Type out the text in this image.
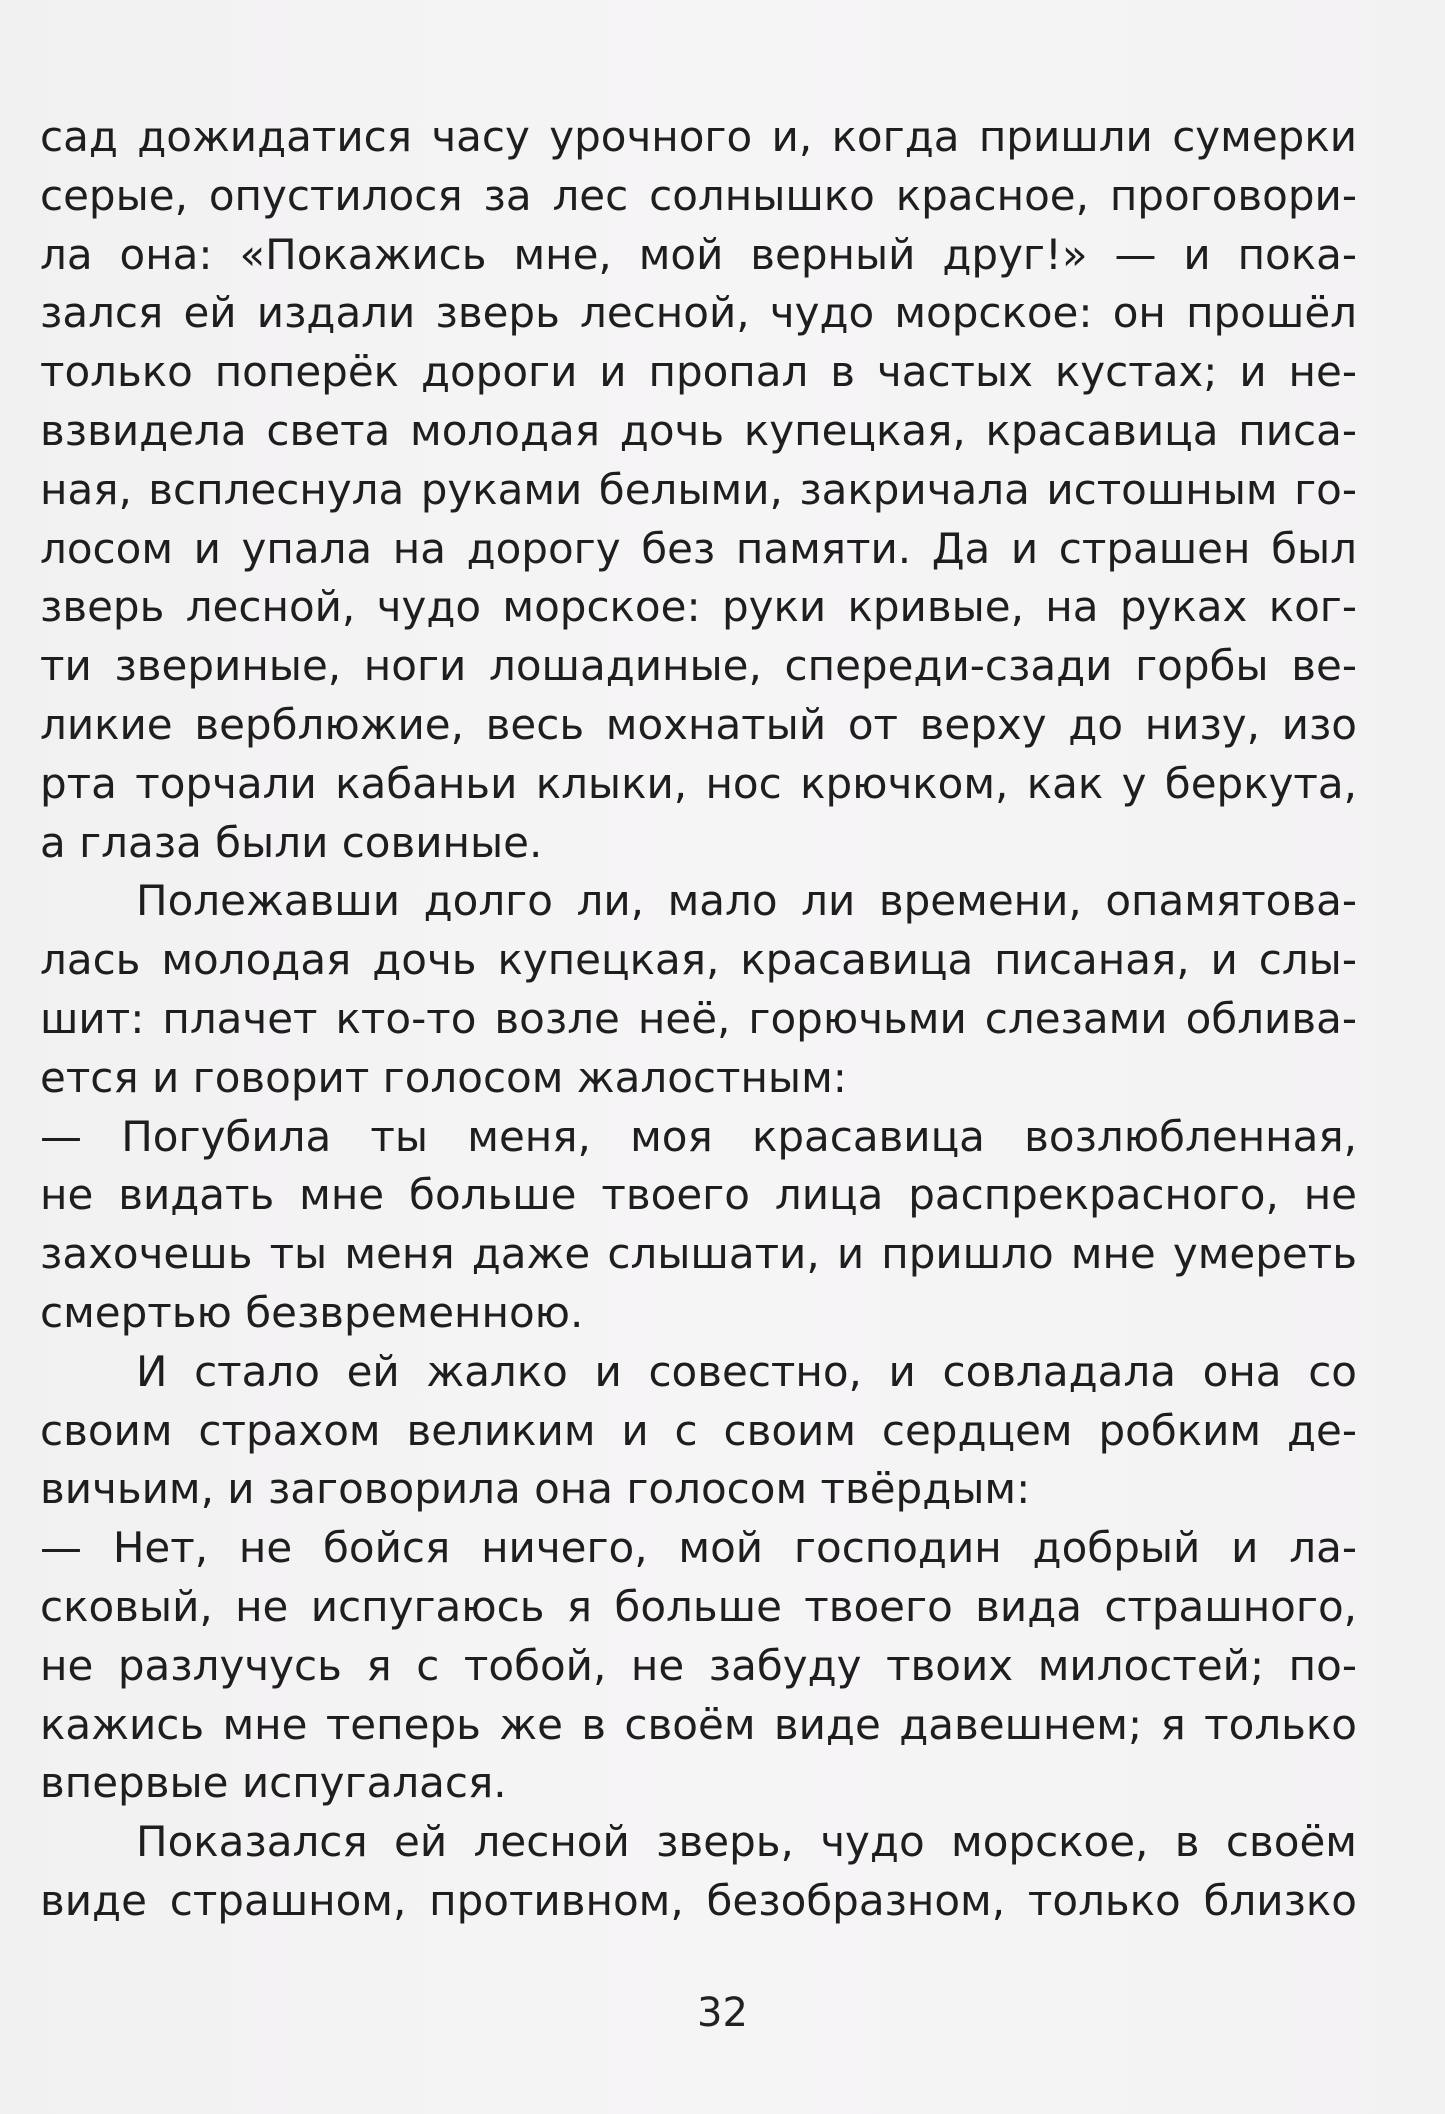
сад дожидатися часу урочного и, когда пришли сумерки
серые, опустилося за лес солнышко красное, проговори-
ла она: «Покажись мне, мой верный друг!» — и пока-
зался ей издали зверь лесной, чудо морское: он прошёл
только поперёк дороги и пропал в частых кустах; и не-
взвидела света молодая дочь купецкая, красавица писа-
ная, всплеснула руками белыми, закричала истошным го-
лосом и упала на дорогу без памяти. Да и страшен был
зверь лесной, чудо морское: руки кривые, на руках ког-
ти звериные, ноги лошадиные, спереди-сзади горбы ве-
ликие верблюжие, весь мохнатый от верху до низу, изо
рта торчали кабаньи клыки, нос крючком, как у беркута,
а глаза были совиные.
Полежавши долго ли, мало ли времени, опамятова-
лась молодая дочь купецкая, красавица писаная, и слы-
шит: плачет кто-то возле неё, горючьми слезами облива-
ется и говорит голосом жалостным:
— Погубила ты меня, моя красавица возлюбленная,
не видать мне больше твоего лица распрекрасного, не
захочешь ты меня даже слышати, и пришло мне умереть
смертью безвременною.
И стало ей жалко и совестно, и совладала она со
своим страхом великим и с своим сердцем робким де-
вичьим, и заговорила она голосом твёрдым:
— Нет, не бойся ничего, мой господин добрый и ла-
сковый, не испугаюсь я больше твоего вида страшного,
не разлучусь я с тобой, не забуду твоих милостей; по-
кажись мне теперь же в своём виде давешнем; я только
впервые испугалася.
Показался ей лесной зверь, чудо морское, в своём
виде страшном, противном, безобразном, только близко
32
